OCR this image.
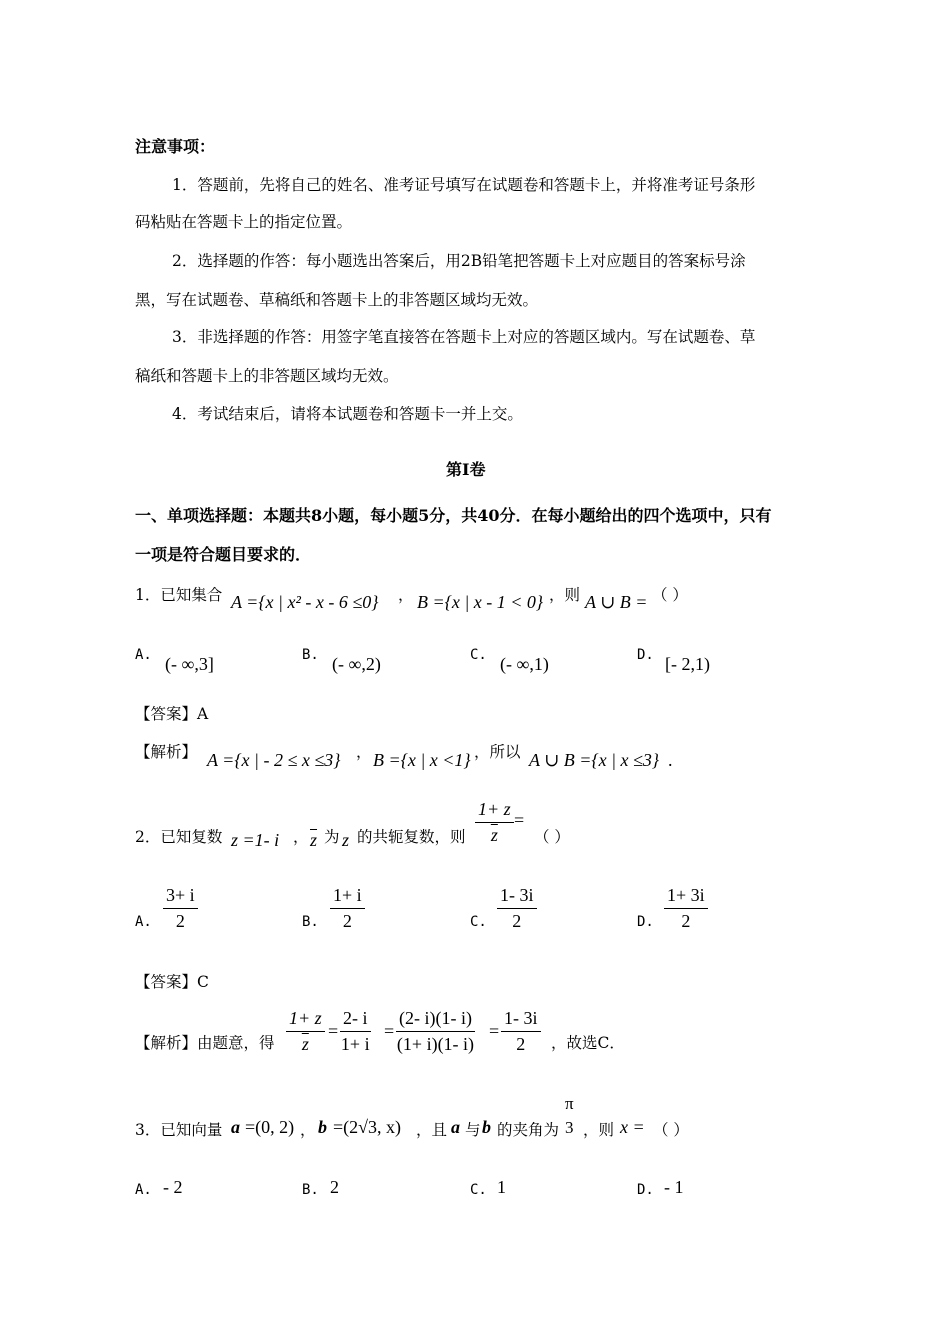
注意事项：
1．答题前，先将自己的姓名、准考证号填写在试题卷和答题卡上，并将准考证号条形
码粘贴在答题卡上的指定位置。
2．选择题的作答：每小题选出答案后，用2B铅笔把答题卡上对应题目的答案标号涂
黑，写在试题卷、草稿纸和答题卡上的非答题区域均无效。
3．非选择题的作答：用签字笔直接答在答题卡上对应的答题区域内。写在试题卷、草
稿纸和答题卡上的非答题区域均无效。
4．考试结束后，请将本试题卷和答题卡一并上交。
第Ⅰ卷
一、单项选择题：本题共8小题，每小题5分，共40分．在每小题给出的四个选项中，只有
一项是符合题目要求的．
1．已知集合 A ={x | x² - x - 6 ≤0} ， B ={x | x - 1 < 0} ，则 A ∪ B = （ ）
A. (- ∞,3]	B. (- ∞,2)	C. (- ∞,1)	D. [- 2,1)
【答案】A
【解析】 A ={x | - 2 ≤ x ≤3} ， B ={x | x <1} ，所以 A ∪ B ={x | x ≤3} .
2．已知复数 z =1- i ， $\overline{z}$ 为 z 的共轭复数，则 $\frac{1+ z}{z}$ =
（ ）
A. $\frac{3+ i}{2}$	B. $\frac{1+ i}{2}$	C. $\frac{1- 3i}{2}$	D. $\frac{1+ 3i}{2}$
【答案】C
【解析】由题意，得 $\frac{1+ z}{z} = \frac{2- i}{1+ i} = \frac{(2- i)(1- i)}{(1+ i)(1- i)} = \frac{1- 3i}{2}$ ，故选C．
3．已知向量 a =(0, 2) ， b =(2√3, x) ，且 a 与 b 的夹角为
π
3 ，则 x = （ ）
A. - 2	B. 2	C. 1	D. - 1
